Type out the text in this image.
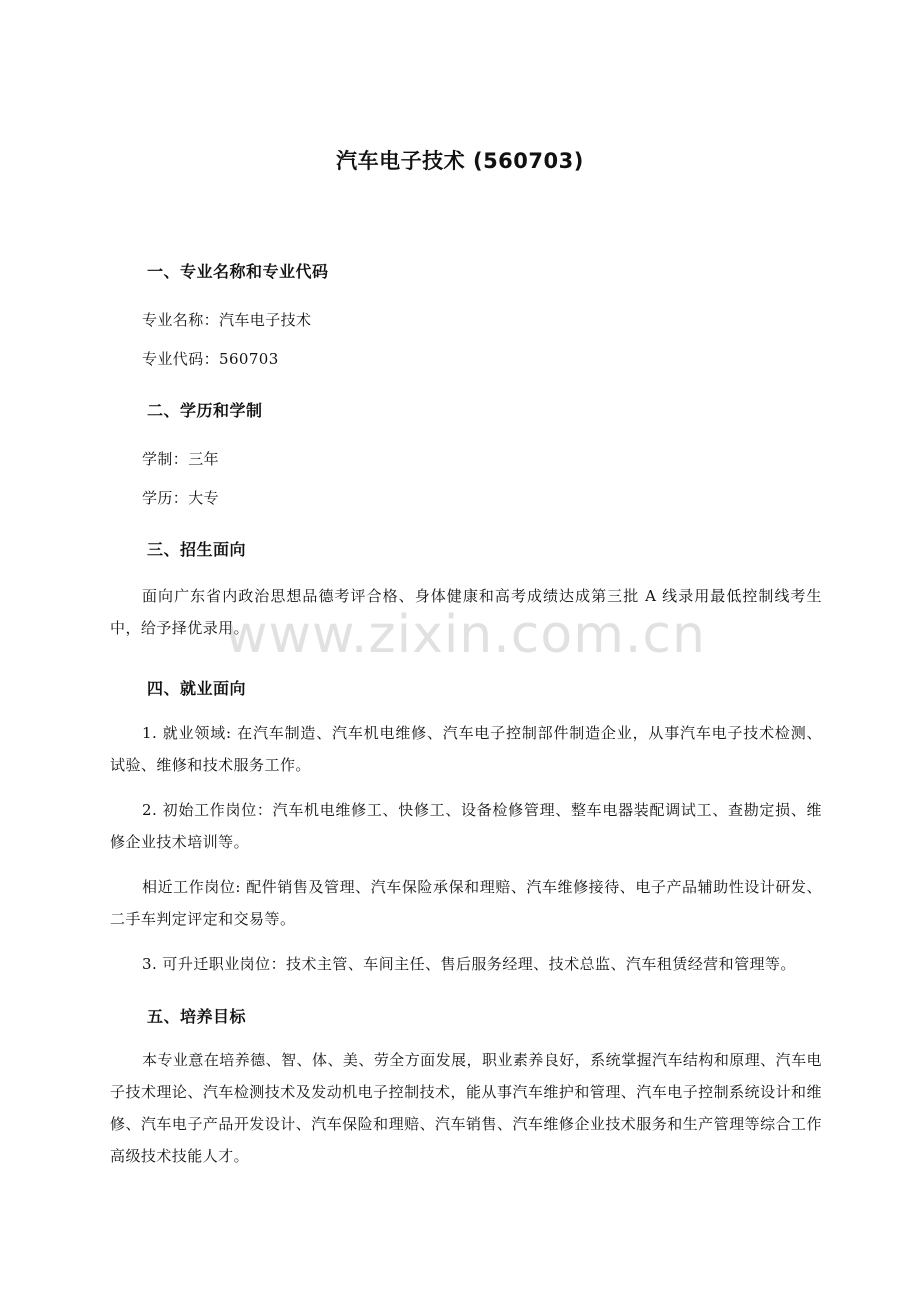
汽车电子技术 (560703)
一、专业名称和专业代码
专业名称：汽车电子技术
专业代码：560703
二、学历和学制
学制：三年
学历：大专
三、招生面向
面向广东省内政治思想品德考评合格、身体健康和高考成绩达成第三批 A 线录用最低控制线考生中，给予择优录用。
四、就业面向
1. 就业领域: 在汽车制造、汽车机电维修、汽车电子控制部件制造企业，从事汽车电子技术检测、试验、维修和技术服务工作。
2. 初始工作岗位：汽车机电维修工、快修工、设备检修管理、整车电器装配调试工、查勘定损、维修企业技术培训等。
相近工作岗位: 配件销售及管理、汽车保险承保和理赔、汽车维修接待、电子产品辅助性设计研发、二手车判定评定和交易等。
3. 可升迁职业岗位：技术主管、车间主任、售后服务经理、技术总监、汽车租赁经营和管理等。
五、培养目标
本专业意在培养德、智、体、美、劳全方面发展，职业素养良好，系统掌握汽车结构和原理、汽车电子技术理论、汽车检测技术及发动机电子控制技术，能从事汽车维护和管理、汽车电子控制系统设计和维修、汽车电子产品开发设计、汽车保险和理赔、汽车销售、汽车维修企业技术服务和生产管理等综合工作高级技术技能人才。
www.zixin.com.cn
